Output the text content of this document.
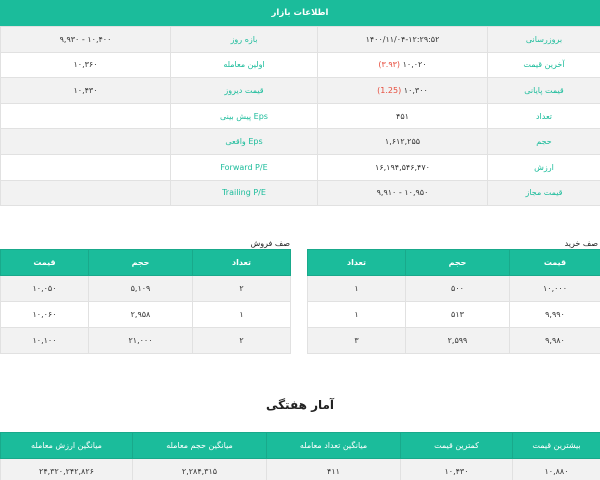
اطلاعات بازار
بروزرسانی	۱۴۰۰/۱۱/۰۴-۱۲:۲۹:۵۲	بازه روز	۱۰,۴۰۰ - ۹,۹۳۰
آخرین قیمت	۱۰,۰۲۰ (۳.۹۳)	اولین معامله	۱۰,۳۶۰
قیمت پایانی	۱۰,۳۰۰ (1.25)	قیمت دیروز	۱۰,۴۳۰
تعداد	۴۵۱	Eps پیش بینی	
حجم	۱,۶۱۲,۲۵۵	Eps واقعی	
ارزش	۱۶,۱۹۴,۵۴۶,۴۷۰	Forward P/E	
قیمت مجاز	۱۰,۹۵۰ - ۹,۹۱۰	Trailing P/E	
صف خرید
تعداد	حجم	قیمت
۱	۵۰۰	۱۰,۰۰۰
۱	۵۱۳	۹,۹۹۰
۳	۲,۵۹۹	۹,۹۸۰
صف فروش
قیمت	حجم	تعداد
۱۰,۰۵۰	۵,۱۰۹	۲
۱۰,۰۶۰	۲,۹۵۸	۱
۱۰,۱۰۰	۲۱,۰۰۰	۲
آمار هفتگی
بیشترین قیمت	کمترین قیمت	میانگین تعداد معامله	میانگین حجم معامله	میانگین ارزش معامله
۱۰,۸۸۰	۱۰,۴۳۰	۴۱۱	۲,۲۸۴,۳۱۵	۲۴,۳۲۰,۲۴۲,۸۲۶
